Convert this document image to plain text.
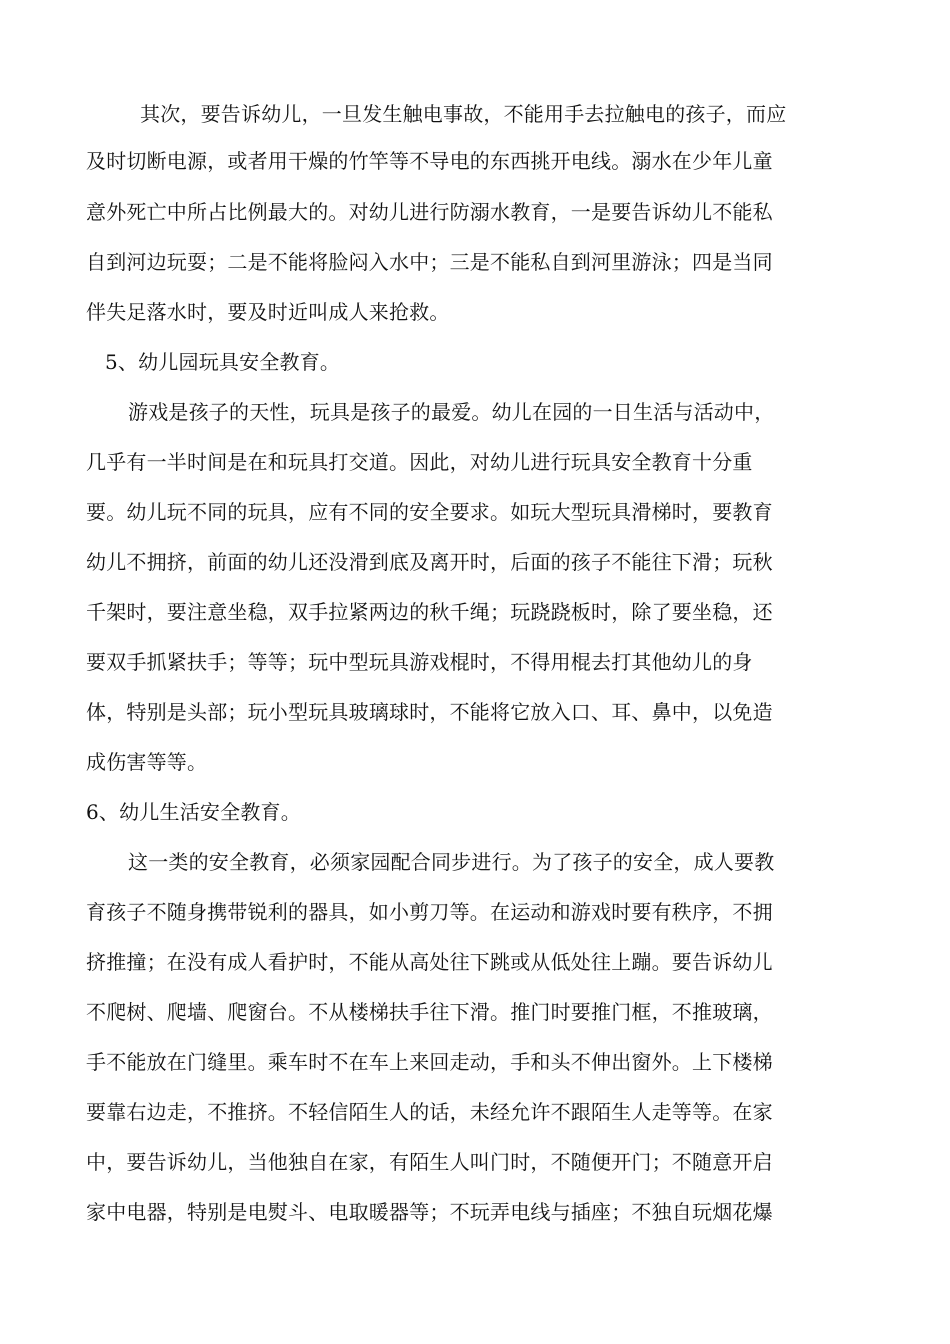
其次，要告诉幼儿，一旦发生触电事故，不能用手去拉触电的孩子，而应
及时切断电源，或者用干燥的竹竿等不导电的东西挑开电线。溺水在少年儿童
意外死亡中所占比例最大的。对幼儿进行防溺水教育，一是要告诉幼儿不能私
自到河边玩耍；二是不能将脸闷入水中；三是不能私自到河里游泳；四是当同
伴失足落水时，要及时近叫成人来抢救。
5、幼儿园玩具安全教育。
游戏是孩子的天性，玩具是孩子的最爱。幼儿在园的一日生活与活动中，
几乎有一半时间是在和玩具打交道。因此，对幼儿进行玩具安全教育十分重
要。幼儿玩不同的玩具，应有不同的安全要求。如玩大型玩具滑梯时，要教育
幼儿不拥挤，前面的幼儿还没滑到底及离开时，后面的孩子不能往下滑；玩秋
千架时，要注意坐稳，双手拉紧两边的秋千绳；玩跷跷板时，除了要坐稳，还
要双手抓紧扶手；等等；玩中型玩具游戏棍时，不得用棍去打其他幼儿的身
体，特别是头部；玩小型玩具玻璃球时，不能将它放入口、耳、鼻中，以免造
成伤害等等。
6、幼儿生活安全教育。
这一类的安全教育，必须家园配合同步进行。为了孩子的安全，成人要教
育孩子不随身携带锐利的器具，如小剪刀等。在运动和游戏时要有秩序，不拥
挤推撞；在没有成人看护时，不能从高处往下跳或从低处往上蹦。要告诉幼儿
不爬树、爬墙、爬窗台。不从楼梯扶手往下滑。推门时要推门框，不推玻璃，
手不能放在门缝里。乘车时不在车上来回走动，手和头不伸出窗外。上下楼梯
要靠右边走，不推挤。不轻信陌生人的话，未经允许不跟陌生人走等等。在家
中，要告诉幼儿，当他独自在家，有陌生人叫门时，不随便开门；不随意开启
家中电器，特别是电熨斗、电取暖器等；不玩弄电线与插座；不独自玩烟花爆
